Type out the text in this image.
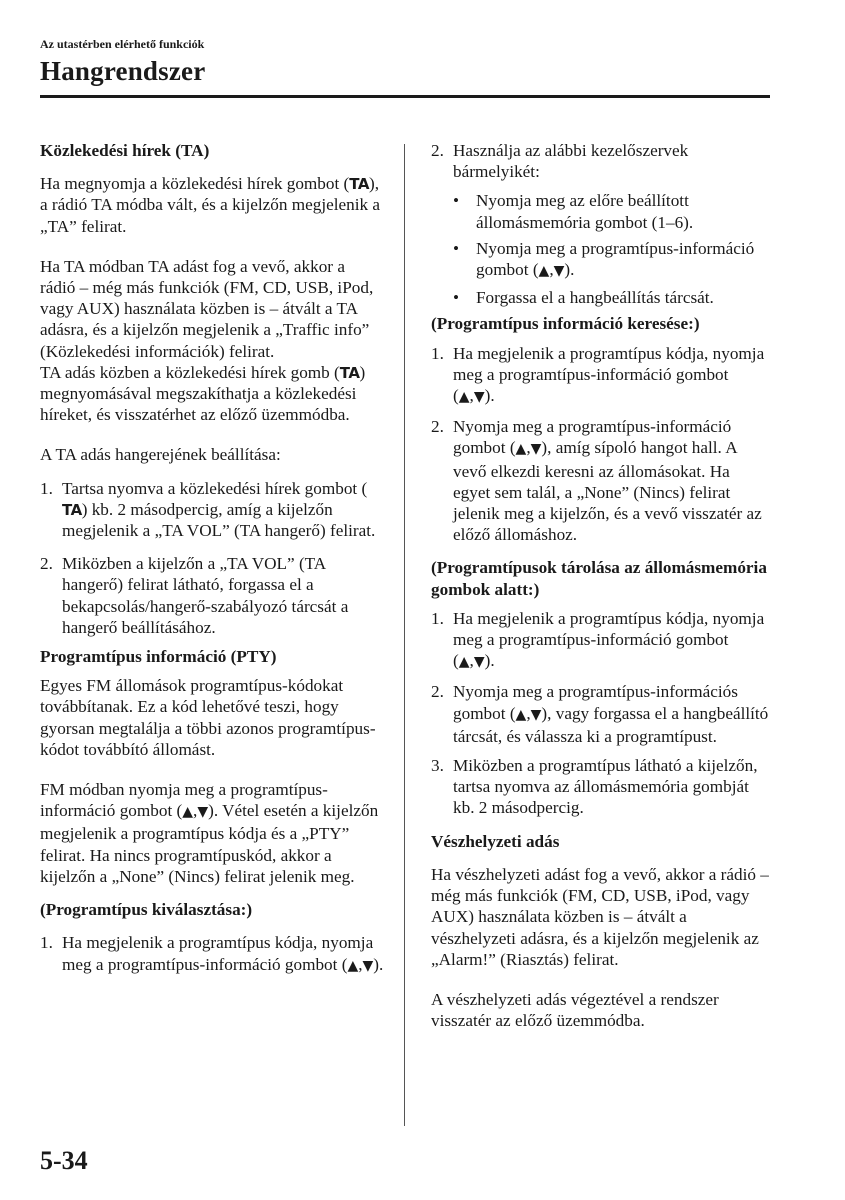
Az utastérben elérhető funkciók
Hangrendszer
Közlekedési hírek (TA)

Ha megnyomja a közlekedési hírek gombot (TA), a rádió TA módba vált, és a kijelzőn megjelenik a „TA” felirat.

Ha TA módban TA adást fog a vevő, akkor a rádió – még más funkciók (FM, CD, USB, iPod, vagy AUX) használata közben is – átvált a TA adásra, és a kijelzőn megjelenik a „Traffic info” (Közlekedési információk) felirat.

TA adás közben a közlekedési hírek gomb (TA) megnyomásával megszakíthatja a közlekedési híreket, és visszatérhet az előző üzemmódba.

A TA adás hangerejének beállítása:

1. Tartsa nyomva a közlekedési hírek gombot (TA) kb. 2 másodpercig, amíg a kijelzőn megjelenik a „TA VOL” (TA hangerő) felirat.
2. Miközben a kijelzőn a „TA VOL” (TA hangerő) felirat látható, forgassa el a bekapcsolás/hangerő-szabályozó tárcsát a hangerő beállításához.
Programtípus információ (PTY)

Egyes FM állomások programtípus-kódokat továbbítanak. Ez a kód lehetővé teszi, hogy gyorsan megtalálja a többi azonos programtípus-kódot továbbító állomást.

FM módban nyomja meg a programtípus-információ gombot (▲,▼). Vétel esetén a kijelzőn megjelenik a programtípus kódja és a „PTY” felirat. Ha nincs programtípuskód, akkor a kijelzőn a „None” (Nincs) felirat jelenik meg.

(Programtípus kiválasztása:)
1. Ha megjelenik a programtípus kódja, nyomja meg a programtípus-információ gombot (▲,▼).
2. Használja az alábbi kezelőszervek bármelyikét:
• Nyomja meg az előre beállított állomásmemória gombot (1–6).
• Nyomja meg a programtípus-információ gombot (▲,▼).
• Forgassa el a hangbeállítás tárcsát.
(Programtípus információ keresése:)
1. Ha megjelenik a programtípus kódja, nyomja meg a programtípus-információ gombot (▲,▼).
2. Nyomja meg a programtípus-információ gombot (▲,▼), amíg sípoló hangot hall. A vevő elkezdi keresni az állomásokat. Ha egyet sem talál, a „None” (Nincs) felirat jelenik meg a kijelzőn, és a vevő visszatér az előző állomáshoz.
(Programtípusok tárolása az állomásmemória gombok alatt:)
1. Ha megjelenik a programtípus kódja, nyomja meg a programtípus-információ gombot (▲,▼).
2. Nyomja meg a programtípus-információs gombot (▲,▼), vagy forgassa el a hangbeállító tárcsát, és válassza ki a programtípust.
3. Miközben a programtípus látható a kijelzőn, tartsa nyomva az állomásmemória gombját kb. 2 másodpercig.
Vészhelyzeti adás

Ha vészhelyzeti adást fog a vevő, akkor a rádió – még más funkciók (FM, CD, USB, iPod, vagy AUX) használata közben is – átvált a vészhelyzeti adásra, és a kijelzőn megjelenik az „Alarm!” (Riasztás) felirat.

A vészhelyzeti adás végeztével a rendszer visszatér az előző üzemmódba.

5-34
